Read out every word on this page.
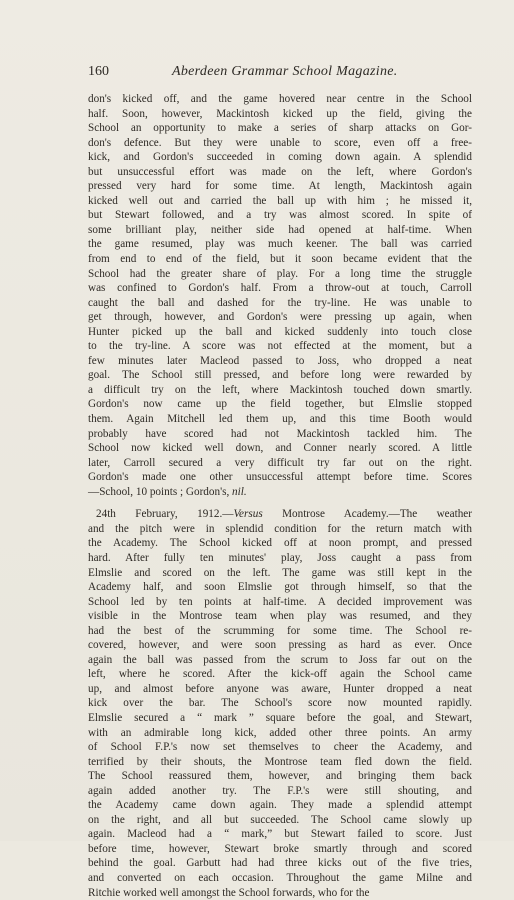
160	Aberdeen Grammar School Magazine.
don's kicked off, and the game hovered near centre in the School
half. Soon, however, Mackintosh kicked up the field, giving the
School an opportunity to make a series of sharp attacks on Gor-
don's defence. But they were unable to score, even off a free-
kick, and Gordon's succeeded in coming down again. A splendid
but unsuccessful effort was made on the left, where Gordon's
pressed very hard for some time. At length, Mackintosh again
kicked well out and carried the ball up with him ; he missed it,
but Stewart followed, and a try was almost scored. In spite of
some brilliant play, neither side had opened at half-time. When
the game resumed, play was much keener. The ball was carried
from end to end of the field, but it soon became evident that the
School had the greater share of play. For a long time the struggle
was confined to Gordon's half. From a throw-out at touch, Carroll
caught the ball and dashed for the try-line. He was unable to
get through, however, and Gordon's were pressing up again, when
Hunter picked up the ball and kicked suddenly into touch close
to the try-line. A score was not effected at the moment, but a
few minutes later Macleod passed to Joss, who dropped a neat
goal. The School still pressed, and before long were rewarded by
a difficult try on the left, where Mackintosh touched down smartly.
Gordon's now came up the field together, but Elmslie stopped
them. Again Mitchell led them up, and this time Booth would
probably have scored had not Mackintosh tackled him. The
School now kicked well down, and Conner nearly scored. A little
later, Carroll secured a very difficult try far out on the right.
Gordon's made one other unsuccessful attempt before time. Scores
—School, 10 points ; Gordon's, nil.
24th February, 1912.—Versus Montrose Academy.—The weather
and the pitch were in splendid condition for the return match with
the Academy. The School kicked off at noon prompt, and pressed
hard. After fully ten minutes' play, Joss caught a pass from
Elmslie and scored on the left. The game was still kept in the
Academy half, and soon Elmslie got through himself, so that the
School led by ten points at half-time. A decided improvement was
visible in the Montrose team when play was resumed, and they
had the best of the scrumming for some time. The School re-
covered, however, and were soon pressing as hard as ever. Once
again the ball was passed from the scrum to Joss far out on the
left, where he scored. After the kick-off again the School came
up, and almost before anyone was aware, Hunter dropped a neat
kick over the bar. The School's score now mounted rapidly.
Elmslie secured a “ mark ” square before the goal, and Stewart,
with an admirable long kick, added other three points. An army
of School F.P.'s now set themselves to cheer the Academy, and
terrified by their shouts, the Montrose team fled down the field.
The School reassured them, however, and bringing them back
again added another try. The F.P.'s were still shouting, and
the Academy came down again. They made a splendid attempt
on the right, and all but succeeded. The School came slowly up
again. Macleod had a “ mark,” but Stewart failed to score. Just
before time, however, Stewart broke smartly through and scored
behind the goal. Garbutt had had three kicks out of the five tries,
and converted on each occasion. Throughout the game Milne and
Ritchie worked well amongst the School forwards, who for the
